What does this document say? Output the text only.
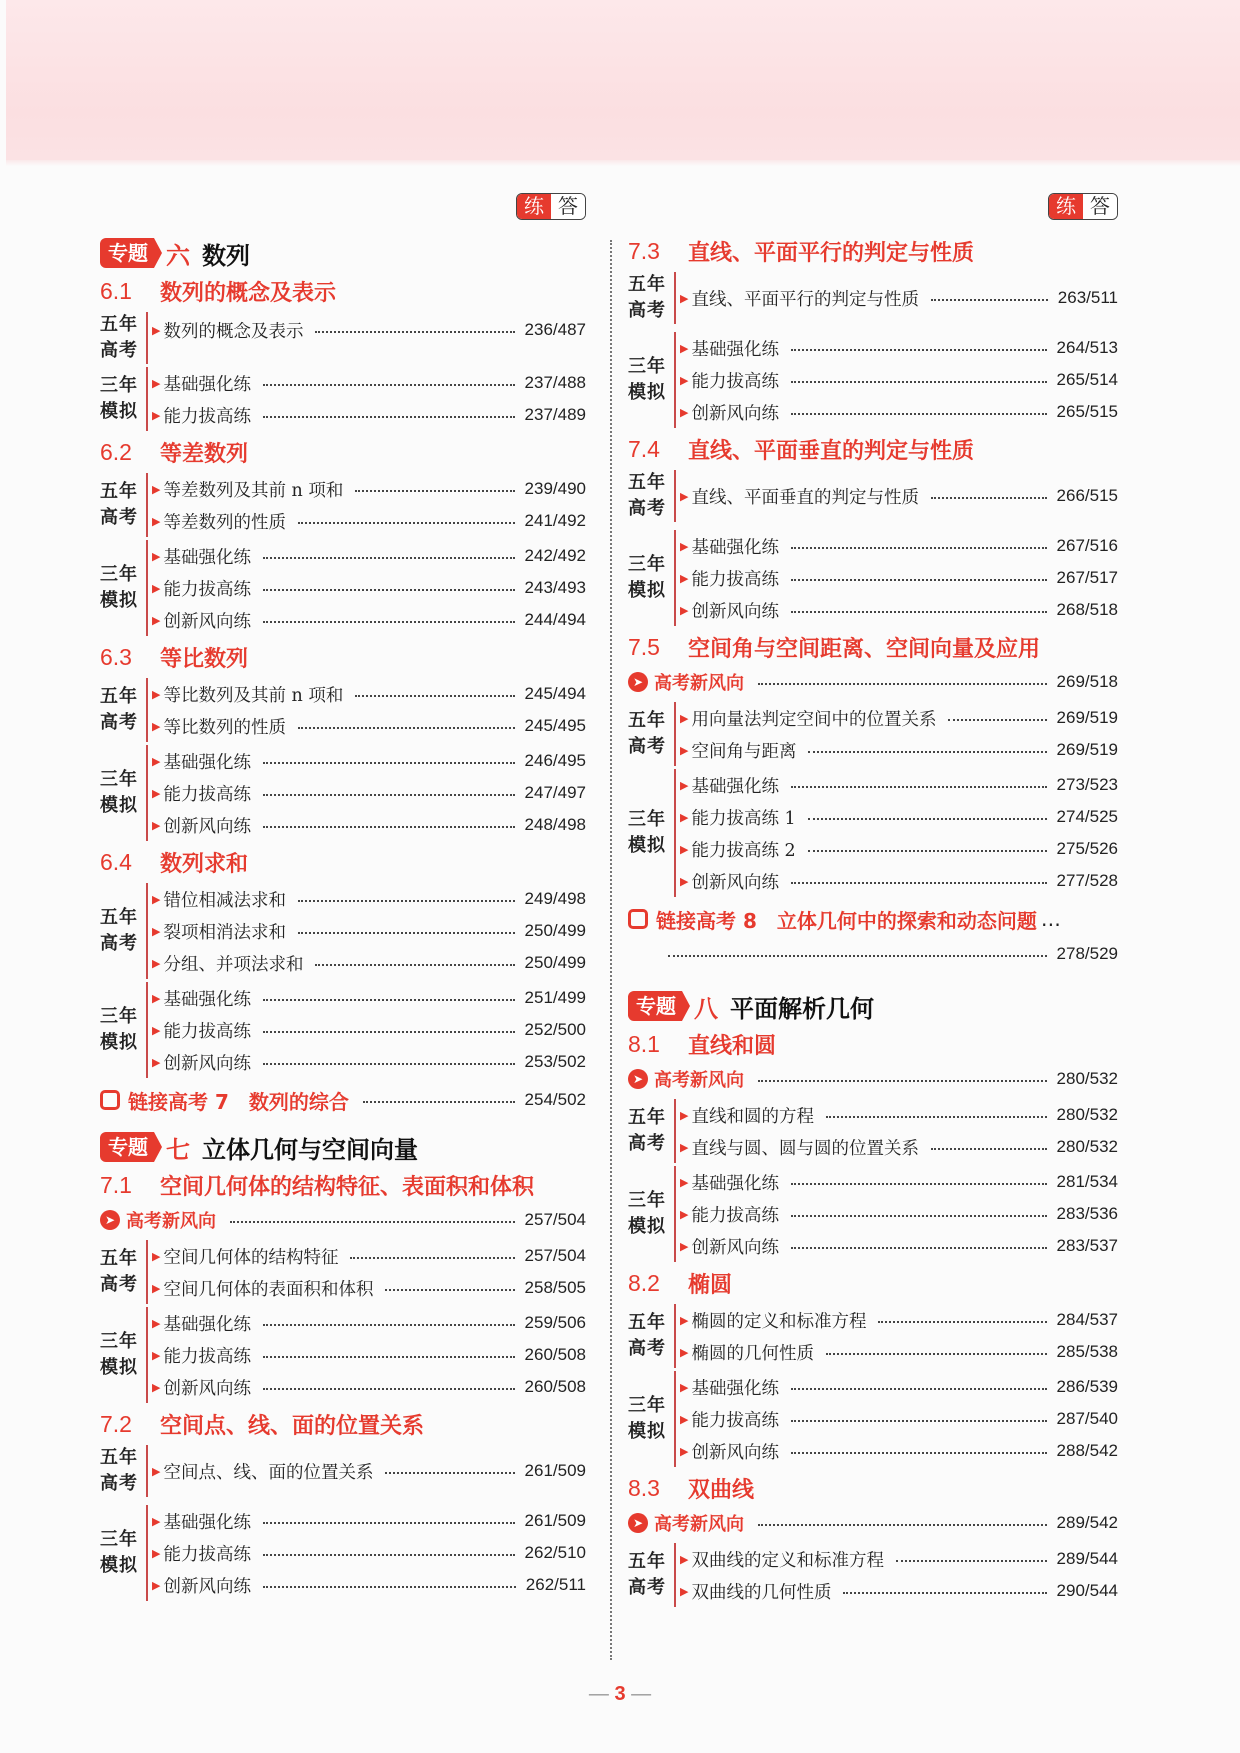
练 答
专题 六 数列
6.1	数列的概念及表示
五年
高考
▶ 数列的概念及表示	236/487
三年
模拟
▶ 基础强化练	237/488
▶ 能力拔高练	237/489
6.2	等差数列
五年
高考
▶ 等差数列及其前 n 项和	239/490
▶ 等差数列的性质	241/492
三年
模拟
▶ 基础强化练	242/492
▶ 能力拔高练	243/493
▶ 创新风向练	244/494
6.3	等比数列
五年
高考
▶ 等比数列及其前 n 项和	245/494
▶ 等比数列的性质	245/495
三年
模拟
▶ 基础强化练	246/495
▶ 能力拔高练	247/497
▶ 创新风向练	248/498
6.4	数列求和
五年
高考
▶ 错位相减法求和	249/498
▶ 裂项相消法求和	250/499
▶ 分组、并项法求和	250/499
三年
模拟
▶ 基础强化练	251/499
▶ 能力拔高练	252/500
▶ 创新风向练	253/502
链接高考 7　数列的综合	254/502
专题 七 立体几何与空间向量
7.1	空间几何体的结构特征、表面积和体积
➤ 高考新风向	257/504
五年
高考
▶ 空间几何体的结构特征	257/504
▶ 空间几何体的表面积和体积	258/505
三年
模拟
▶ 基础强化练	259/506
▶ 能力拔高练	260/508
▶ 创新风向练	260/508
7.2	空间点、线、面的位置关系
五年
高考
▶ 空间点、线、面的位置关系	261/509
三年
模拟
▶ 基础强化练	261/509
▶ 能力拔高练	262/510
▶ 创新风向练	262/511
练 答
7.3	直线、平面平行的判定与性质
五年
高考
▶ 直线、平面平行的判定与性质	263/511
三年
模拟
▶ 基础强化练	264/513
▶ 能力拔高练	265/514
▶ 创新风向练	265/515
7.4	直线、平面垂直的判定与性质
五年
高考
▶ 直线、平面垂直的判定与性质	266/515
三年
模拟
▶ 基础强化练	267/516
▶ 能力拔高练	267/517
▶ 创新风向练	268/518
7.5	空间角与空间距离、空间向量及应用
➤ 高考新风向	269/518
五年
高考
▶ 用向量法判定空间中的位置关系	269/519
▶ 空间角与距离	269/519
三年
模拟
▶ 基础强化练	273/523
▶ 能力拔高练 1	274/525
▶ 能力拔高练 2	275/526
▶ 创新风向练	277/528
链接高考 8　立体几何中的探索和动态问题 …
278/529
专题 八 平面解析几何
8.1	直线和圆
➤ 高考新风向	280/532
五年
高考
▶ 直线和圆的方程	280/532
▶ 直线与圆、圆与圆的位置关系	280/532
三年
模拟
▶ 基础强化练	281/534
▶ 能力拔高练	283/536
▶ 创新风向练	283/537
8.2	椭圆
五年
高考
▶ 椭圆的定义和标准方程	284/537
▶ 椭圆的几何性质	285/538
三年
模拟
▶ 基础强化练	286/539
▶ 能力拔高练	287/540
▶ 创新风向练	288/542
8.3	双曲线
➤ 高考新风向	289/542
五年
高考
▶ 双曲线的定义和标准方程	289/544
▶ 双曲线的几何性质	290/544
— 3 —
